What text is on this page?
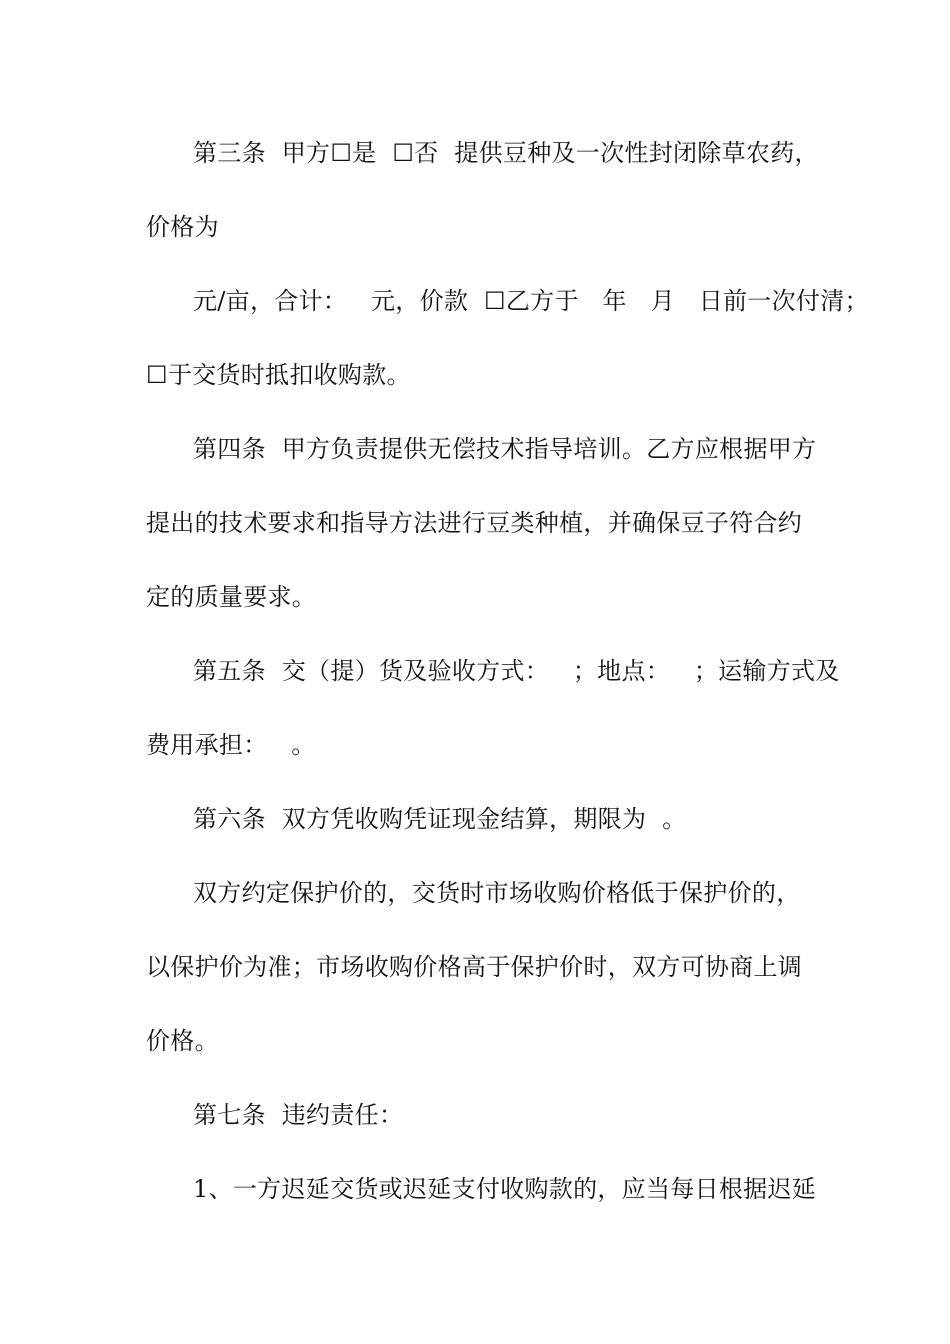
第三条  甲方☐是  ☐否  提供豆种及一次性封闭除草农药，
价格为
元/亩，合计：   元，价款  ☐乙方于   年   月   日前一次付清；
☐于交货时抵扣收购款。
第四条  甲方负责提供无偿技术指导培训。乙方应根据甲方
提出的技术要求和指导方法进行豆类种植，并确保豆子符合约
定的质量要求。
第五条  交（提）货及验收方式：   ；地点：   ；运输方式及
费用承担：   。
第六条  双方凭收购凭证现金结算，期限为  。
双方约定保护价的，交货时市场收购价格低于保护价的，
以保护价为准；市场收购价格高于保护价时，双方可协商上调
价格。
第七条  违约责任：
1、一方迟延交货或迟延支付收购款的，应当每日根据迟延
